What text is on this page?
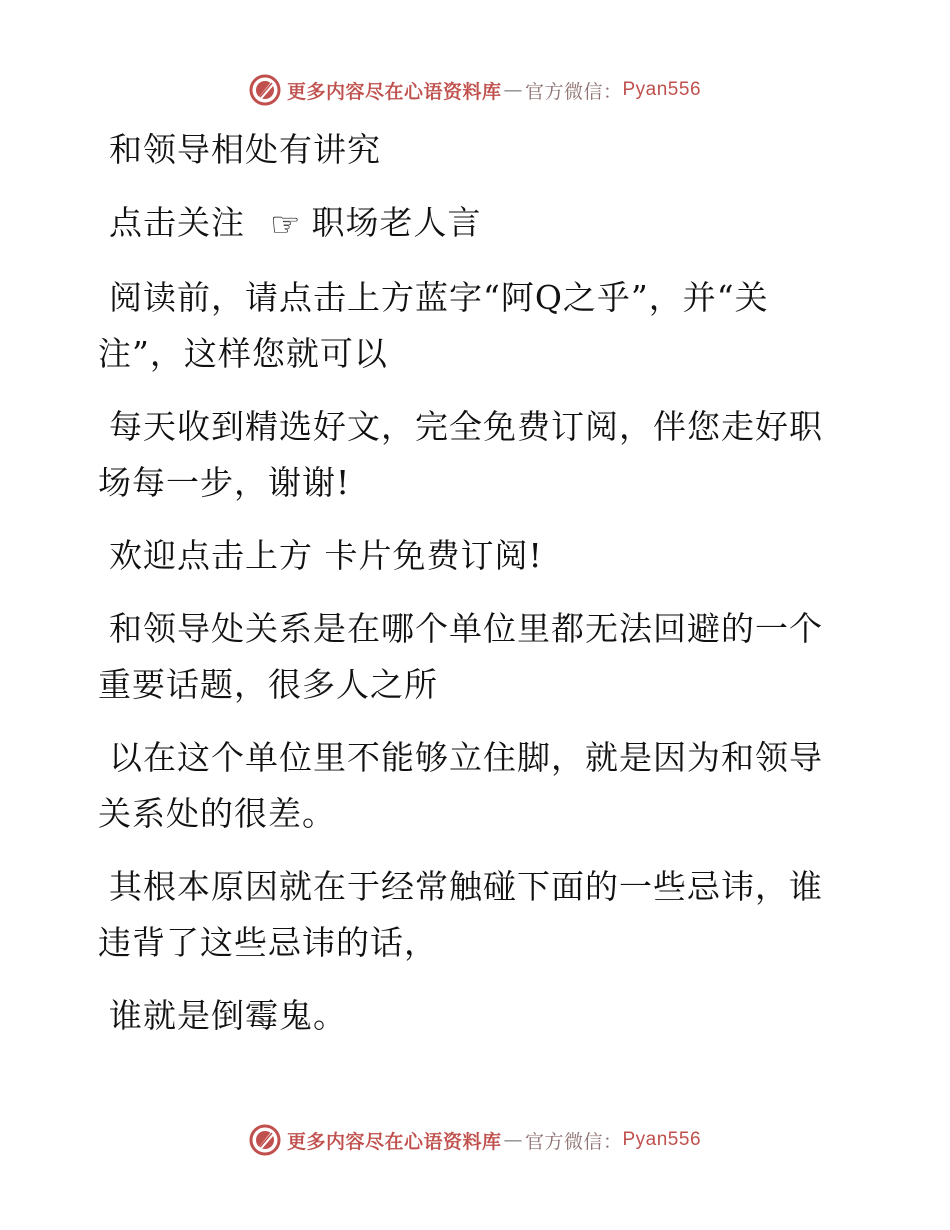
更多内容尽在心语资料库 — 官方微信： Pyan556

和领导相处有讲究

点击关注 ☞ 职场老人言

阅读前，请点击上方蓝字“阿Q之乎”，并“关注”，这样您就可以

每天收到精选好文，完全免费订阅，伴您走好职场每一步，谢谢!

欢迎点击上方 卡片免费订阅!

和领导处关系是在哪个单位里都无法回避的一个重要话题，很多人之所

以在这个单位里不能够立住脚，就是因为和领导关系处的很差。

其根本原因就在于经常触碰下面的一些忌讳，谁违背了这些忌讳的话，

谁就是倒霉鬼。

更多内容尽在心语资料库 — 官方微信： Pyan556
